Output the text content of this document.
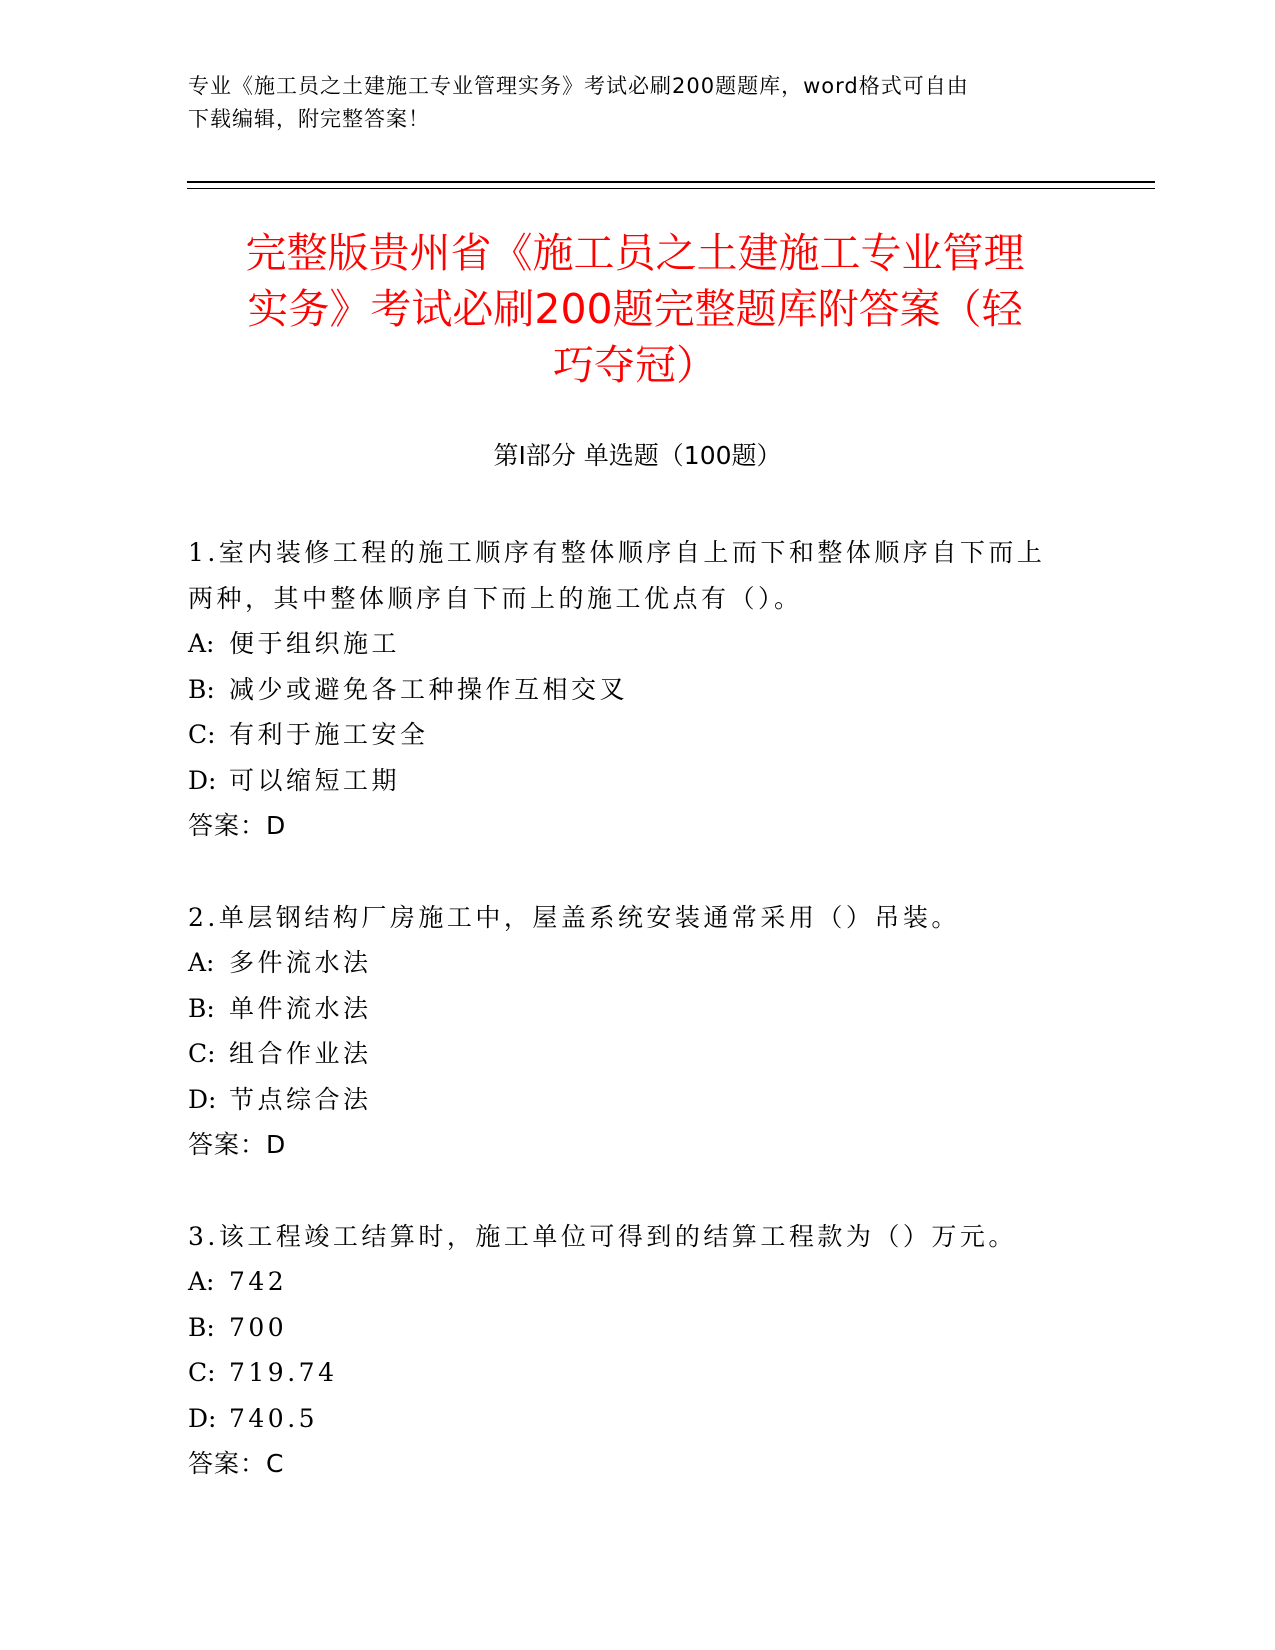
专业《施工员之土建施工专业管理实务》考试必刷200题题库，word格式可自由
下载编辑，附完整答案！
完整版贵州省《施工员之土建施工专业管理
实务》考试必刷200题完整题库附答案（轻
巧夺冠）
第I部分 单选题（100题）
1.室内装修工程的施工顺序有整体顺序自上而下和整体顺序自下而上
两种，其中整体顺序自下而上的施工优点有（）。
A: 便于组织施工
B: 减少或避免各工种操作互相交叉
C: 有利于施工安全
D: 可以缩短工期
答案：D
2.单层钢结构厂房施工中，屋盖系统安装通常采用（）吊装。
A: 多件流水法
B: 单件流水法
C: 组合作业法
D: 节点综合法
答案：D
3.该工程竣工结算时，施工单位可得到的结算工程款为（）万元。
A: 742
B: 700
C: 719.74
D: 740.5
答案：C
